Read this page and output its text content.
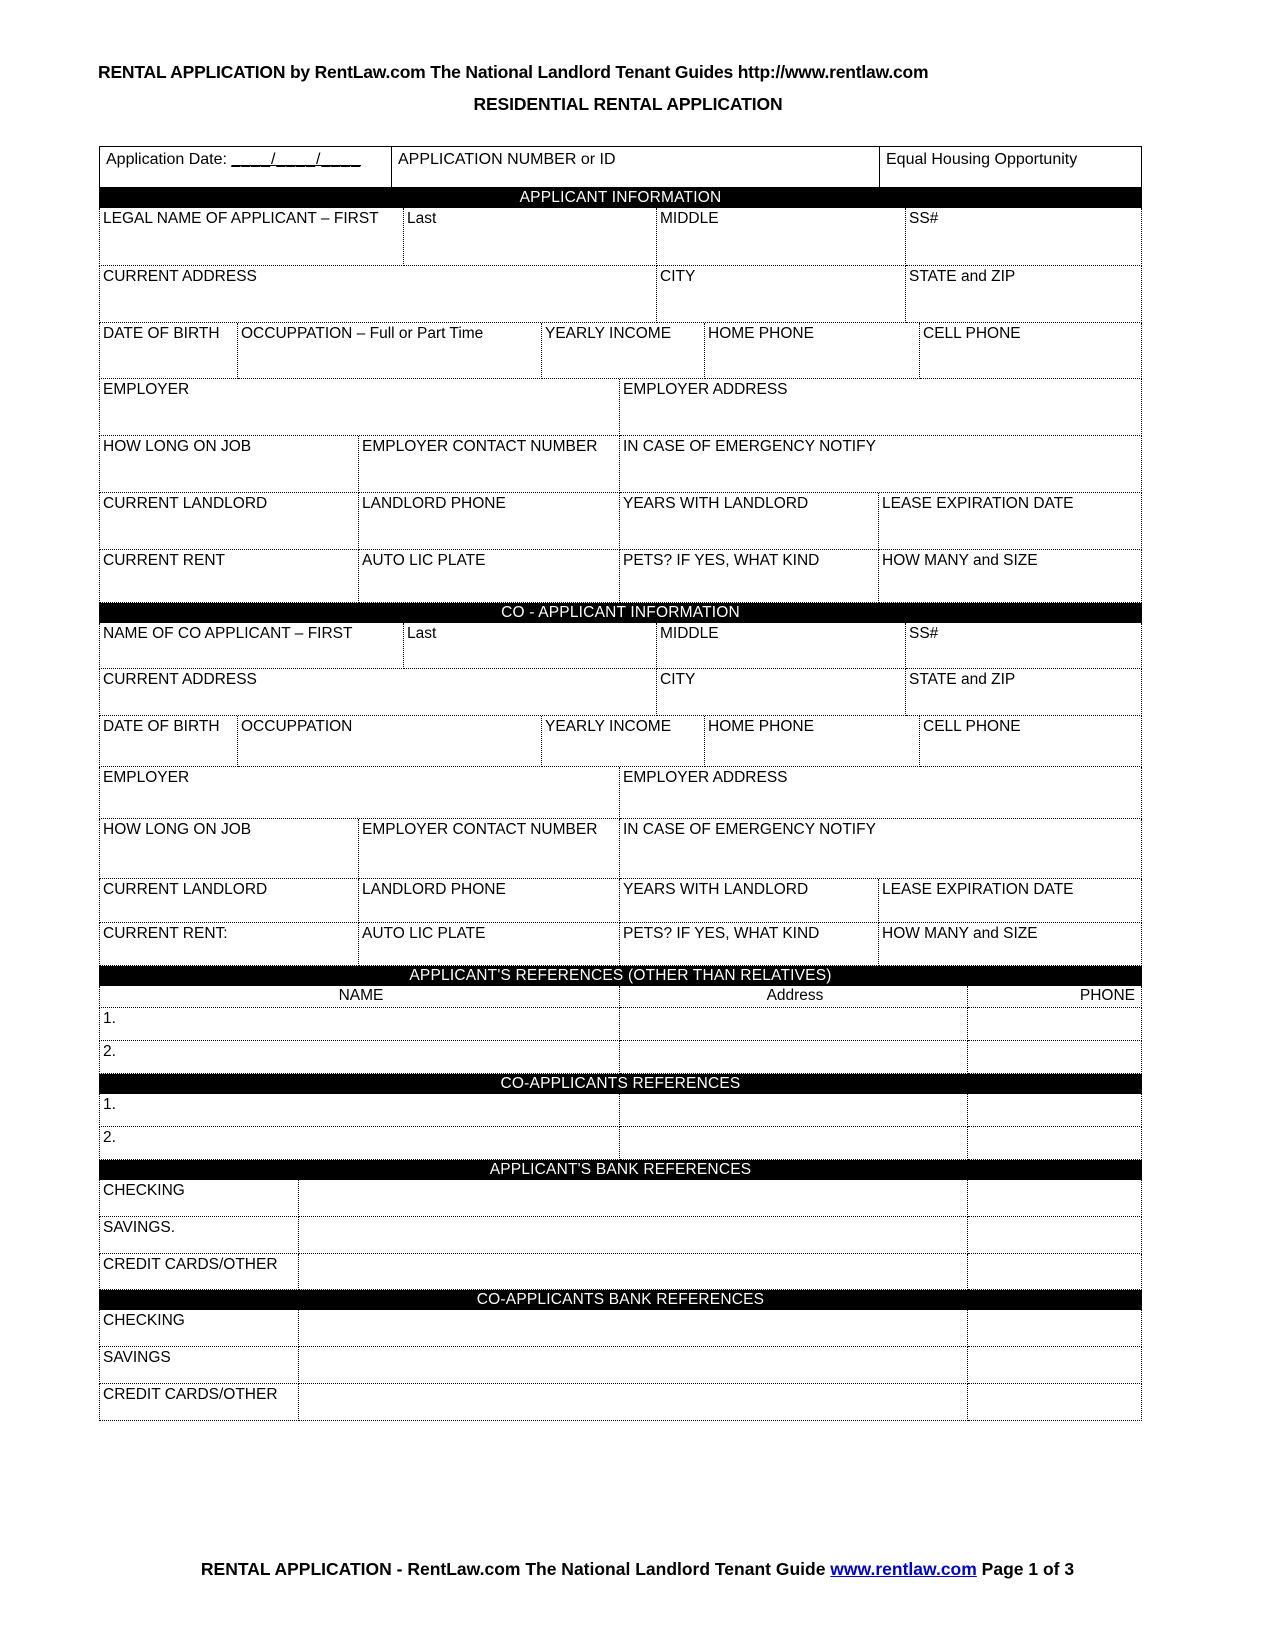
RENTAL APPLICATION by RentLaw.com The National Landlord Tenant Guides http://www.rentlaw.com
RESIDENTIAL RENTAL APPLICATION
Application Date: ____/____/____	APPLICATION NUMBER or ID	Equal Housing Opportunity
APPLICANT INFORMATION
LEGAL NAME OF APPLICANT – FIRST	Last	MIDDLE	SS#
CURRENT ADDRESS	CITY	STATE and ZIP
DATE OF BIRTH	OCCUPPATION – Full or Part Time	YEARLY INCOME	HOME PHONE	CELL PHONE
EMPLOYER	EMPLOYER ADDRESS
HOW LONG ON JOB	EMPLOYER CONTACT NUMBER	IN CASE OF EMERGENCY NOTIFY
CURRENT LANDLORD	LANDLORD PHONE	YEARS WITH LANDLORD	LEASE EXPIRATION DATE
CURRENT RENT	AUTO LIC PLATE	PETS? IF YES, WHAT KIND	HOW MANY and SIZE
CO - APPLICANT INFORMATION
NAME OF CO APPLICANT – FIRST	Last	MIDDLE	SS#
CURRENT ADDRESS	CITY	STATE and ZIP
DATE OF BIRTH	OCCUPPATION	YEARLY INCOME	HOME PHONE	CELL PHONE
EMPLOYER	EMPLOYER ADDRESS
HOW LONG ON JOB	EMPLOYER CONTACT NUMBER	IN CASE OF EMERGENCY NOTIFY
CURRENT LANDLORD	LANDLORD PHONE	YEARS WITH LANDLORD	LEASE EXPIRATION DATE
CURRENT RENT:	AUTO LIC PLATE	PETS? IF YES, WHAT KIND	HOW MANY and SIZE
APPLICANT'S REFERENCES (OTHER THAN RELATIVES)
NAME	Address	PHONE
1.
2.
CO-APPLICANTS REFERENCES
1.
2.
APPLICANT'S BANK REFERENCES
CHECKING
SAVINGS.
CREDIT CARDS/OTHER
CO-APPLICANTS BANK REFERENCES
CHECKING
SAVINGS
CREDIT CARDS/OTHER
RENTAL APPLICATION - RentLaw.com The National Landlord Tenant Guide www.rentlaw.com Page 1 of 3
